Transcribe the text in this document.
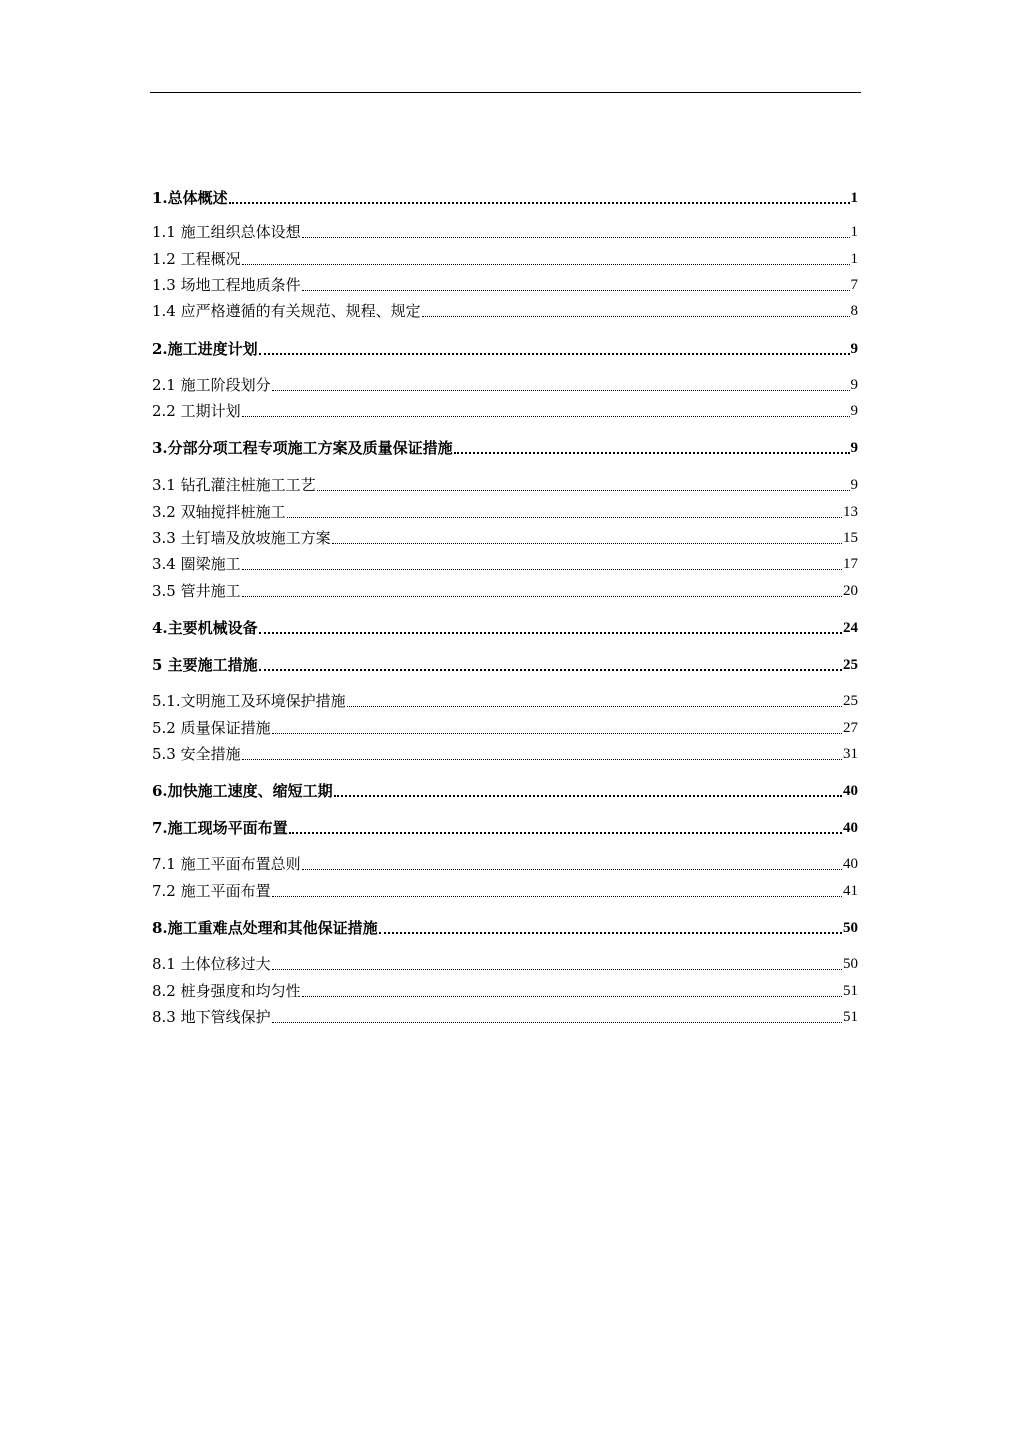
1.总体概述	1
1.1 施工组织总体设想	1
1.2 工程概况	1
1.3 场地工程地质条件	7
1.4 应严格遵循的有关规范、规程、规定	8
2.施工进度计划	9
2.1 施工阶段划分	9
2.2 工期计划	9
3.分部分项工程专项施工方案及质量保证措施	9
3.1 钻孔灌注桩施工工艺	9
3.2 双轴搅拌桩施工	13
3.3 土钉墙及放坡施工方案	15
3.4 圈梁施工	17
3.5 管井施工	20
4.主要机械设备	24
5 主要施工措施	25
5.1.文明施工及环境保护措施	25
5.2 质量保证措施	27
5.3 安全措施	31
6.加快施工速度、缩短工期	40
7.施工现场平面布置	40
7.1 施工平面布置总则	40
7.2 施工平面布置	41
8.施工重难点处理和其他保证措施	50
8.1 土体位移过大	50
8.2 桩身强度和均匀性	51
8.3 地下管线保护	51
